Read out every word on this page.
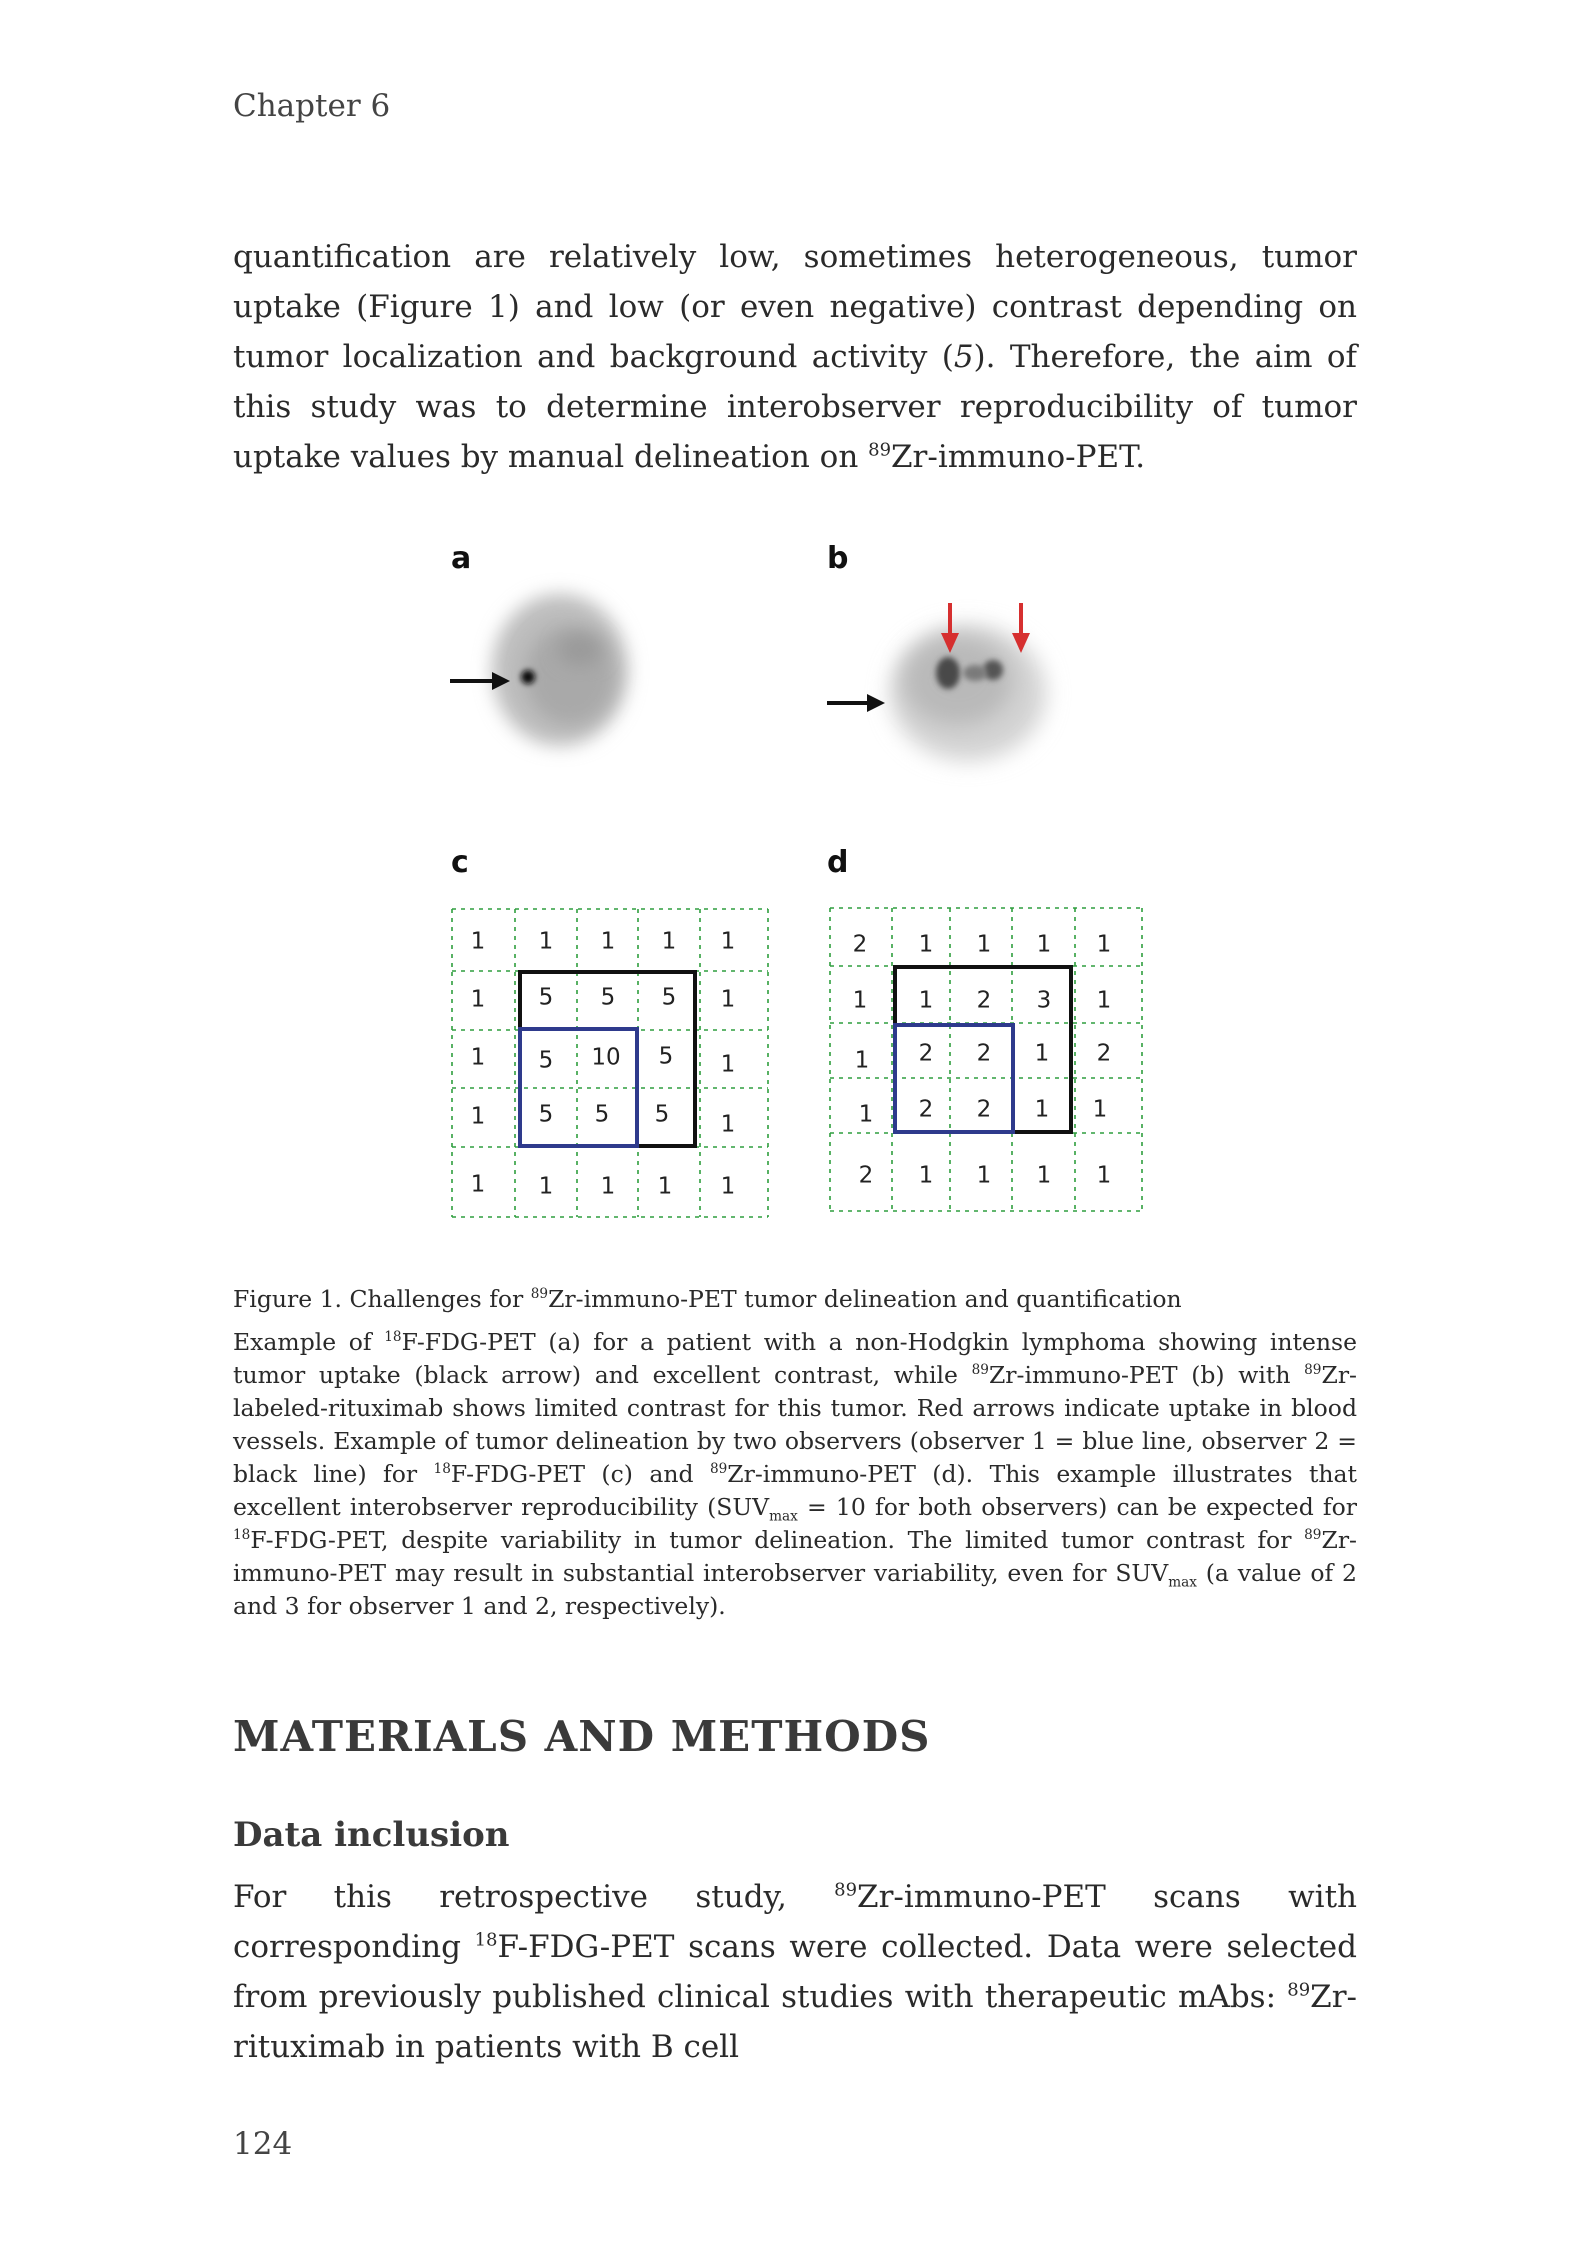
Chapter 6

quantification are relatively low, sometimes heterogeneous, tumor uptake (Figure 1) and low (or even negative) contrast depending on tumor localization and background activity (5). Therefore, the aim of this study was to determine interobserver reproducibility of tumor uptake values by manual delineation on $^{89}$Zr-immuno-PET.

a	b
c	d
1 1 1 1 1
1 5 5 5 1
1 5 10 5 1
1 5 5 5 1
1 1 1 1 1
2 1 1 1 1
1 1 2 3 1
1 2 2 1 2
1 2 2 1 1
2 1 1 1 1

Figure 1. Challenges for $^{89}$Zr-immuno-PET tumor delineation and quantification

Example of $^{18}$F-FDG-PET (a) for a patient with a non-Hodgkin lymphoma showing intense tumor uptake (black arrow) and excellent contrast, while $^{89}$Zr-immuno-PET (b) with $^{89}$Zr-labeled-rituximab shows limited contrast for this tumor. Red arrows indicate uptake in blood vessels. Example of tumor delineation by two observers (observer 1 = blue line, observer 2 = black line) for $^{18}$F-FDG-PET (c) and $^{89}$Zr-immuno-PET (d). This example illustrates that excellent interobserver reproducibility ($SUV_{max} = 10$ for both observers) can be expected for $^{18}$F-FDG-PET, despite variability in tumor delineation. The limited tumor contrast for $^{89}$Zr-immuno-PET may result in substantial interobserver variability, even for $SUV_{max}$ (a value of 2 and 3 for observer 1 and 2, respectively).

MATERIALS AND METHODS
Data inclusion

For this retrospective study, $^{89}$Zr-immuno-PET scans with corresponding $^{18}$F-FDG-PET scans were collected. Data were selected from previously published clinical studies with therapeutic mAbs: $^{89}$Zr-rituximab in patients with B cell

124
